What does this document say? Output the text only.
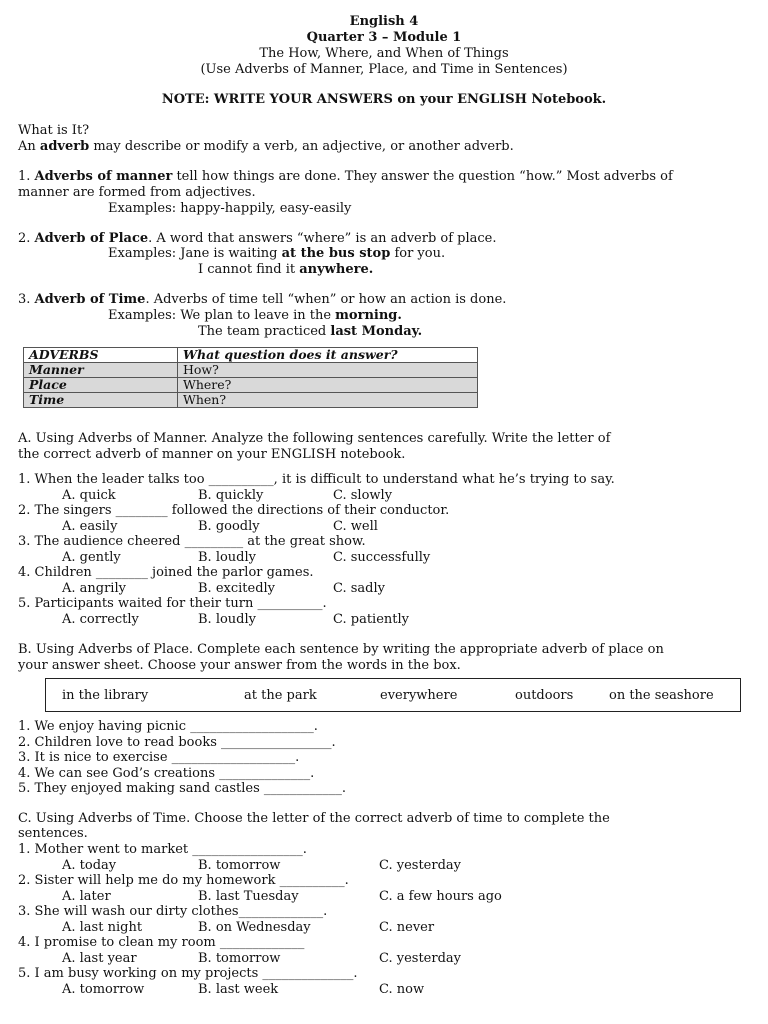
English 4
Quarter 3 – Module 1
The How, Where, and When of Things
(Use Adverbs of Manner, Place, and Time in Sentences)
NOTE: WRITE YOUR ANSWERS on your ENGLISH Notebook.
What is It?
An adverb may describe or modify a verb, an adjective, or another adverb.
1. Adverbs of manner tell how things are done. They answer the question “how.” Most adverbs of
manner are formed from adjectives.
Examples: happy-happily, easy-easily
2. Adverb of Place. A word that answers “where” is an adverb of place.
Examples: Jane is waiting at the bus stop for you.
I cannot find it anywhere.
3. Adverb of Time. Adverbs of time tell “when” or how an action is done.
Examples: We plan to leave in the morning.
The team practiced last Monday.
ADVERBS	What question does it answer?
Manner	How?
Place	Where?
Time	When?
A. Using Adverbs of Manner. Analyze the following sentences carefully. Write the letter of
the correct adverb of manner on your ENGLISH notebook.
1. When the leader talks too __________, it is difficult to understand what he’s trying to say.
A. quick	B. quickly	C. slowly
2. The singers ________ followed the directions of their conductor.
A. easily	B. goodly	C. well
3. The audience cheered _________ at the great show.
A. gently	B. loudly	C. successfully
4. Children ________ joined the parlor games.
A. angrily	B. excitedly	C. sadly
5. Participants waited for their turn __________.
A. correctly	B. loudly	C. patiently
B. Using Adverbs of Place. Complete each sentence by writing the appropriate adverb of place on
your answer sheet. Choose your answer from the words in the box.
in the library	at the park	everywhere	outdoors	on the seashore
1. We enjoy having picnic ___________________.
2. Children love to read books _________________.
3. It is nice to exercise ___________________.
4. We can see God’s creations ______________.
5. They enjoyed making sand castles ____________.
C. Using Adverbs of Time. Choose the letter of the correct adverb of time to complete the
sentences.
1. Mother went to market _________________.
A. today	B. tomorrow	C. yesterday
2. Sister will help me do my homework __________.
A. later	B. last Tuesday	C. a few hours ago
3. She will wash our dirty clothes_____________.
A. last night	B. on Wednesday	C. never
4. I promise to clean my room _____________
A. last year	B. tomorrow	C. yesterday
5. I am busy working on my projects ______________.
A. tomorrow	B. last week	C. now
